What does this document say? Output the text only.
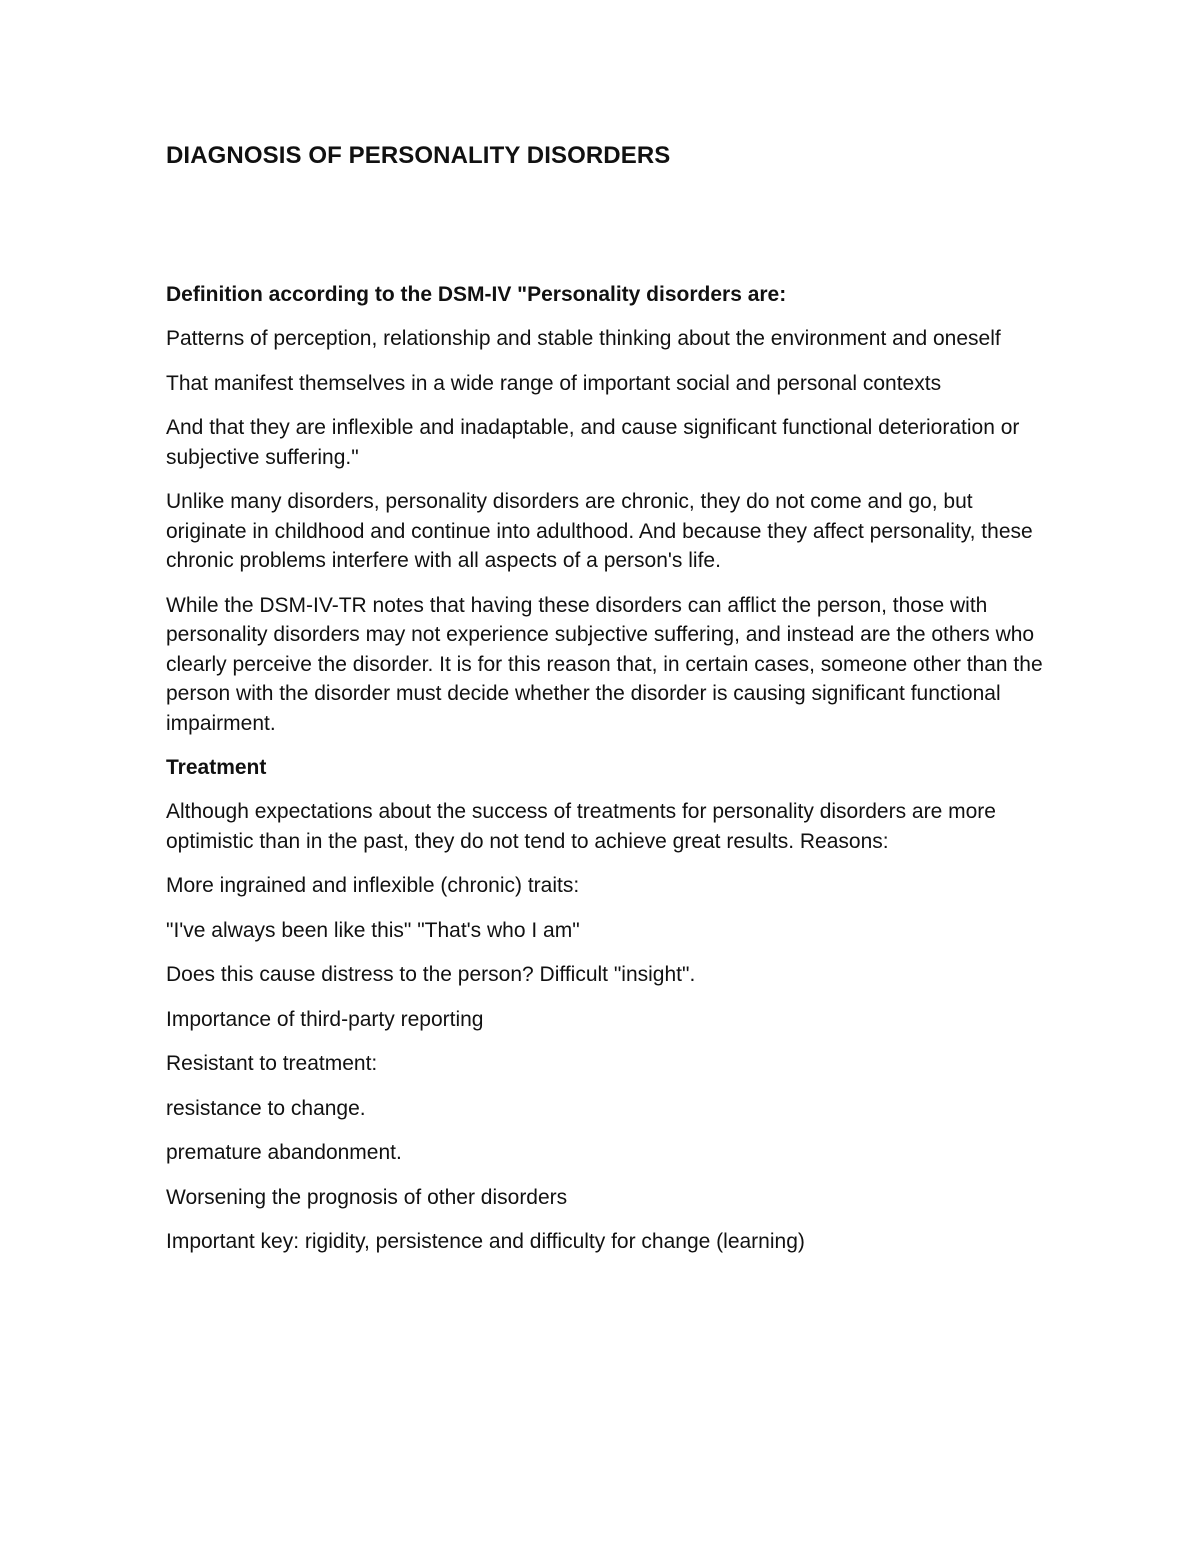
DIAGNOSIS OF PERSONALITY DISORDERS
Definition according to the DSM-IV "Personality disorders are:
Patterns of perception, relationship and stable thinking about the environment and oneself
That manifest themselves in a wide range of important social and personal contexts
And that they are inflexible and inadaptable, and cause significant functional deterioration or subjective suffering."
Unlike many disorders, personality disorders are chronic, they do not come and go, but originate in childhood and continue into adulthood. And because they affect personality, these chronic problems interfere with all aspects of a person's life.
While the DSM-IV-TR notes that having these disorders can afflict the person, those with personality disorders may not experience subjective suffering, and instead are the others who clearly perceive the disorder. It is for this reason that, in certain cases, someone other than the person with the disorder must decide whether the disorder is causing significant functional impairment.
Treatment
Although expectations about the success of treatments for personality disorders are more optimistic than in the past, they do not tend to achieve great results. Reasons:
More ingrained and inflexible (chronic) traits:
"I've always been like this" "That's who I am"
Does this cause distress to the person? Difficult "insight".
Importance of third-party reporting
Resistant to treatment:
resistance to change.
premature abandonment.
Worsening the prognosis of other disorders
Important key: rigidity, persistence and difficulty for change (learning)
